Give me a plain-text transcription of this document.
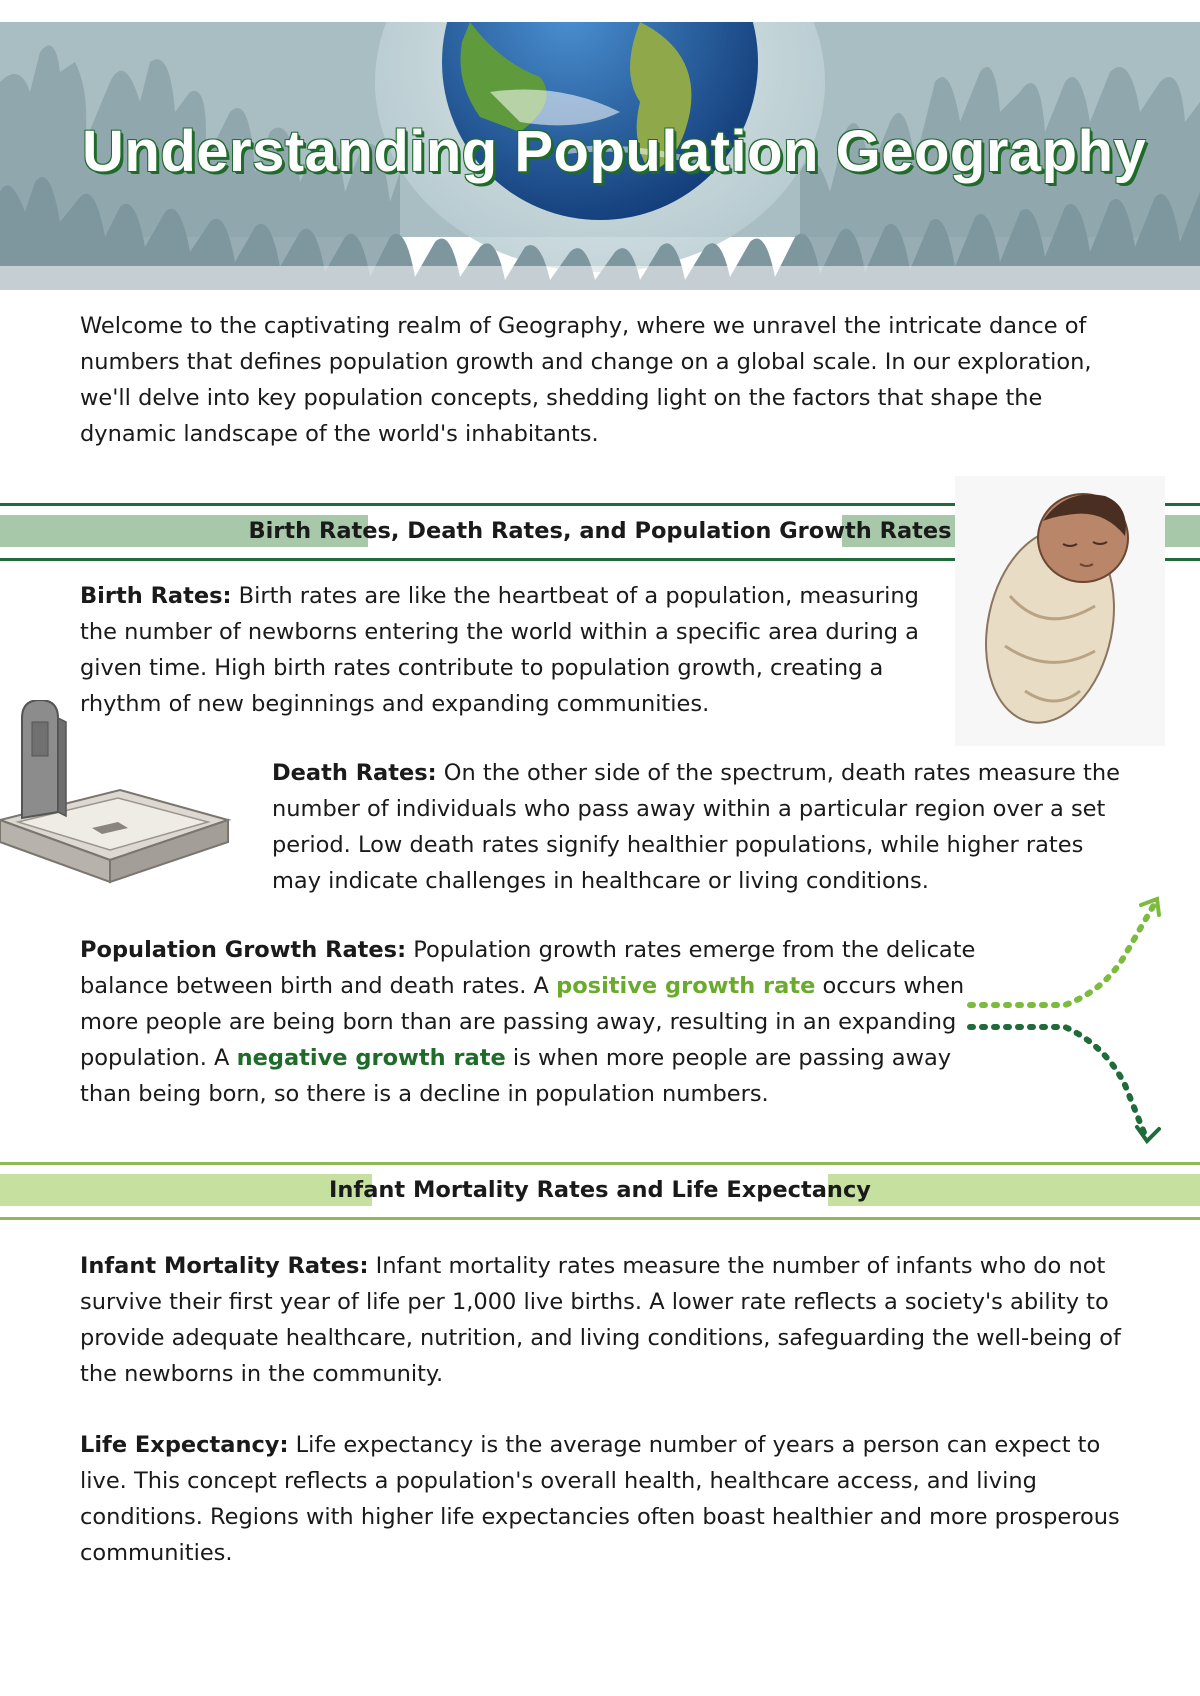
Understanding Population Geography

Welcome to the captivating realm of Geography, where we unravel the intricate dance of numbers that defines population growth and change on a global scale. In our exploration, we'll delve into key population concepts, shedding light on the factors that shape the dynamic landscape of the world's inhabitants.

Birth Rates, Death Rates, and Population Growth Rates

Birth Rates: Birth rates are like the heartbeat of a population, measuring the number of newborns entering the world within a specific area during a given time. High birth rates contribute to population growth, creating a rhythm of new beginnings and expanding communities.

Death Rates: On the other side of the spectrum, death rates measure the number of individuals who pass away within a particular region over a set period. Low death rates signify healthier populations, while higher rates may indicate challenges in healthcare or living conditions.

Population Growth Rates: Population growth rates emerge from the delicate balance between birth and death rates. A positive growth rate occurs when more people are being born than are passing away, resulting in an expanding population. A negative growth rate is when more people are passing away than being born, so there is a decline in population numbers.

Infant Mortality Rates and Life Expectancy

Infant Mortality Rates: Infant mortality rates measure the number of infants who do not survive their first year of life per 1,000 live births. A lower rate reflects a society's ability to provide adequate healthcare, nutrition, and living conditions, safeguarding the well-being of the newborns in the community.

Life Expectancy: Life expectancy is the average number of years a person can expect to live. This concept reflects a population's overall health, healthcare access, and living conditions. Regions with higher life expectancies often boast healthier and more prosperous communities.
